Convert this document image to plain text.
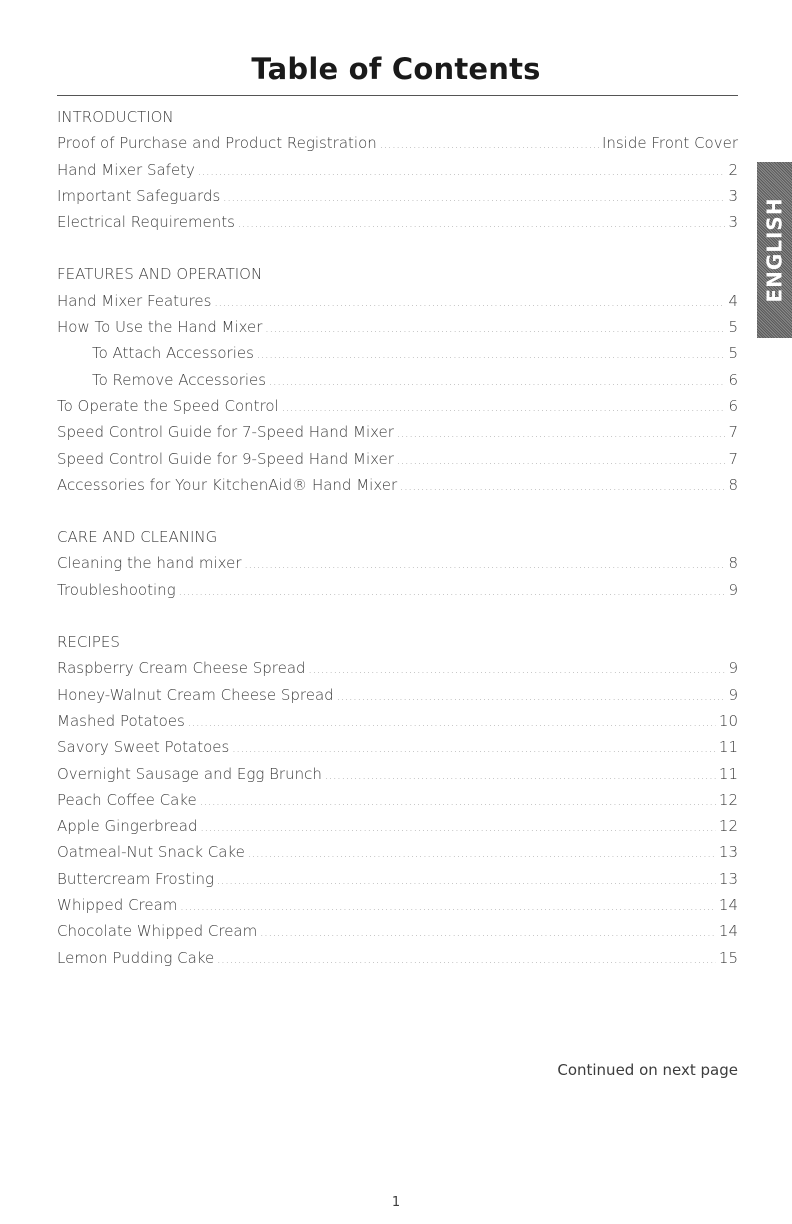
Table of Contents
INTRODUCTION
Proof of Purchase and Product Registration .....	Inside Front Cover
Hand Mixer Safety .....	2
Important Safeguards .....	3
Electrical Requirements .....	3
FEATURES AND OPERATION
Hand Mixer Features .....	4
How To Use the Hand Mixer .....	5
To Attach Accessories .....	5
To Remove Accessories .....	6
To Operate the Speed Control .....	6
Speed Control Guide for 7-Speed Hand Mixer .....	7
Speed Control Guide for 9-Speed Hand Mixer .....	7
Accessories for Your KitchenAid® Hand Mixer .....	8
CARE AND CLEANING
Cleaning the hand mixer .....	8
Troubleshooting .....	9
RECIPES
Raspberry Cream Cheese Spread .....	9
Honey-Walnut Cream Cheese Spread .....	9
Mashed Potatoes .....	10
Savory Sweet Potatoes .....	11
Overnight Sausage and Egg Brunch .....	11
Peach Coffee Cake .....	12
Apple Gingerbread .....	12
Oatmeal-Nut Snack Cake .....	13
Buttercream Frosting .....	13
Whipped Cream .....	14
Chocolate Whipped Cream .....	14
Lemon Pudding Cake .....	15
ENGLISH
Continued on next page
1
